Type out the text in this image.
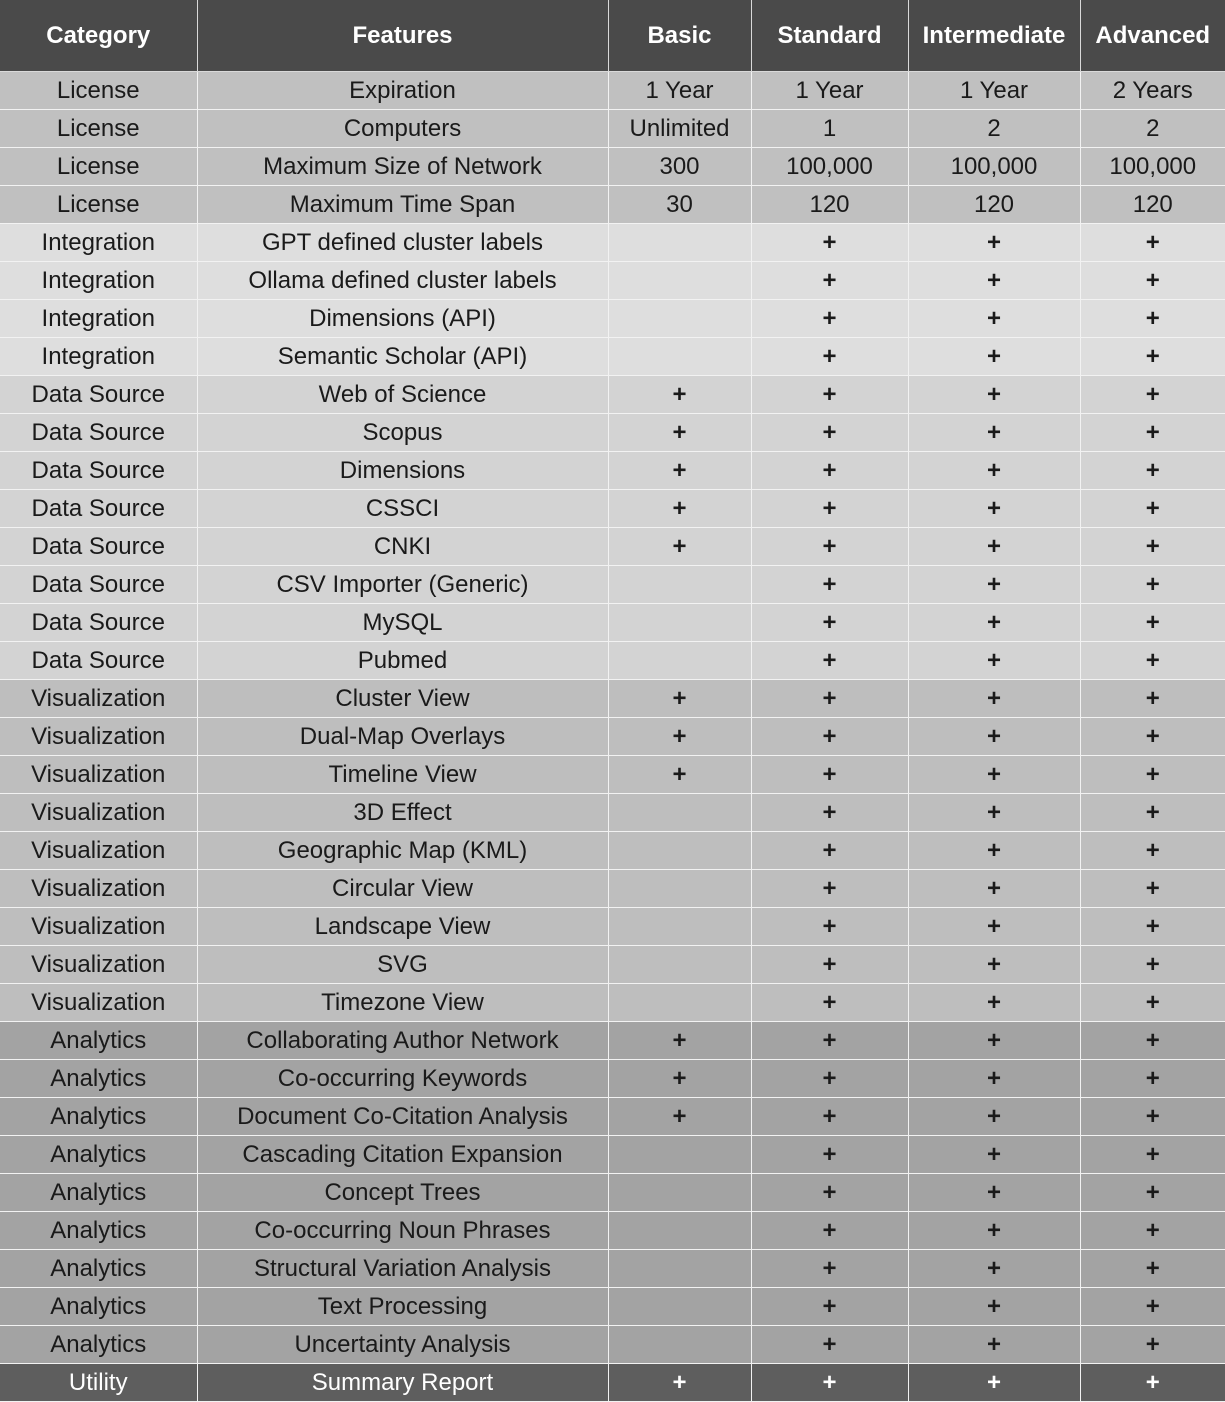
Category	Features	Basic	Standard	Intermediate	Advanced
License	Expiration	1 Year	1 Year	1 Year	2 Years
License	Computers	Unlimited	1	2	2
License	Maximum Size of Network	300	100,000	100,000	100,000
License	Maximum Time Span	30	120	120	120
Integration	GPT defined cluster labels		+	+	+
Integration	Ollama defined cluster labels		+	+	+
Integration	Dimensions (API)		+	+	+
Integration	Semantic Scholar (API)		+	+	+
Data Source	Web of Science	+	+	+	+
Data Source	Scopus	+	+	+	+
Data Source	Dimensions	+	+	+	+
Data Source	CSSCI	+	+	+	+
Data Source	CNKI	+	+	+	+
Data Source	CSV Importer (Generic)		+	+	+
Data Source	MySQL		+	+	+
Data Source	Pubmed		+	+	+
Visualization	Cluster View	+	+	+	+
Visualization	Dual-Map Overlays	+	+	+	+
Visualization	Timeline View	+	+	+	+
Visualization	3D Effect		+	+	+
Visualization	Geographic Map (KML)		+	+	+
Visualization	Circular View		+	+	+
Visualization	Landscape View		+	+	+
Visualization	SVG		+	+	+
Visualization	Timezone View		+	+	+
Analytics	Collaborating Author Network	+	+	+	+
Analytics	Co-occurring Keywords	+	+	+	+
Analytics	Document Co-Citation Analysis	+	+	+	+
Analytics	Cascading Citation Expansion		+	+	+
Analytics	Concept Trees		+	+	+
Analytics	Co-occurring Noun Phrases		+	+	+
Analytics	Structural Variation Analysis		+	+	+
Analytics	Text Processing		+	+	+
Analytics	Uncertainty Analysis		+	+	+
Utility	Summary Report	+	+	+	+
